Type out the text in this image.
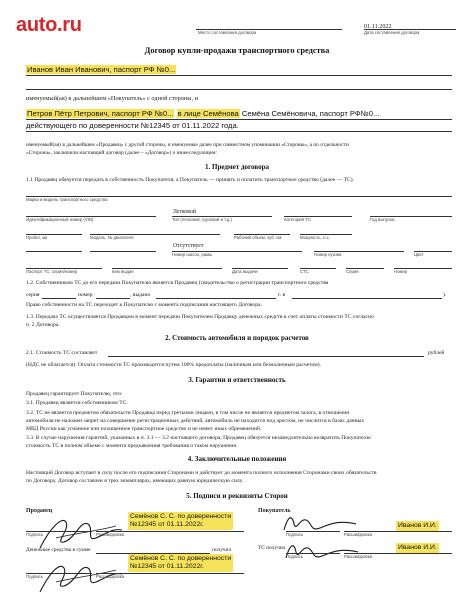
auto.ru	Место составления договора
01.11.2022
Дата составления договора
Договор купли-продажи транспортного средства
Иванов Иван Иванович, паспорт РФ №0...
именуемый(ая) в дальнейшем «Покупатель» с одной стороны, и
Петров Пётр Петрович, паспорт РФ №0... в лице Семёнова Семёна Семёновича, паспорт РФ№0...
действующего по доверенности №12345 от 01.11.2022 года.
именуемый(ая) в дальнейшем «Продавец» с другой стороны, и именуемые далее при совместном упоминании «Стороны», а по отдельности
«Сторона», заключили настоящий договор (далее – «Договор») о нижеследующем:
1. Предмет договора
1.1 Продавец обязуется передать в собственность Покупателя, а Покупатель — принять и оплатить транспортное средство (далее — ТС).
Марка и модель транспортного средства
Легковой
Идентификационный номер (VIN)	Тип (легковой, грузовой и т.д.)	Категория ТС	Год выпуска
Пробег, км	Модель, № двигателя	Рабочий объем, куб. см	Мощность, л.с.
Отсутствует
Номер шасси, рамы	Номер кузова	Цвет
Паспорт ТС, серия/номер	Кем выдан	Дата выдачи	СТС	Серия	Номер
1.2. Собственником ТС до его передачи Покупателю является Продавец (свидетельство о регистрации транспортного средства
серия	номер	, выдано	г. в	).
Право собственности на ТС переходит к Покупателю с момента подписания настоящего Договора.
1.3. Передача ТС осуществляется Продавцом в момент передачи Покупателем Продавцу денежных средств в счет оплаты стоимости ТС согласно
п. 2 Договора.
2. Стоимость автомобиля и порядок расчетов
2.1. Стоимость ТС составляет	рублей
(НДС не облагается). Оплата стоимости ТС производится путем 100% предоплаты (наличным или безналичным расчетом).
3. Гарантии и ответственность
Продавец гарантирует Покупателю, что:
3.1. Продавец является собственником ТС.
3.2. ТС не является предметом обязательств Продавца перед третьими лицами, в том числе не является предметом залога, в отношении
автомобиля не наложен запрет на совершение регистрационных действий, автомобиль не находится под арестом, не числится в базах данных
МВД России как угнанное или похищенное транспортное средство и не имеет иных обременений.
3.3. В случае нарушения гарантий, указанных в п. 3.1 — 3.2 настоящего договора, Продавец обязуется незамедлительно возвратить Покупателю
стоимость ТС в полном объеме с момента предъявления требования о таком нарушении.
4. Заключительные положения
Настоящий Договор вступает в силу после его подписания Сторонами и действует до момента полного исполнения Сторонами своих обязательств
по Договору. Договор составлен в трех экземплярах, имеющих равную юридическую силу.
5. Подписи и реквизиты Сторон
Продавец	Покупатель
Подпись	Расшифровка
Семёнов С. С. по доверенности
№12345 от 01.11.2022г.
Денежные средства в сумме	получил
Подпись	Расшифровка
Семёнов С. С. по доверенности
№12345 от 01.11.2022г.
Подпись	Расшифровка
Иванов И.И.
ТС получил
Подпись	Расшифровка
Иванов И.И.
